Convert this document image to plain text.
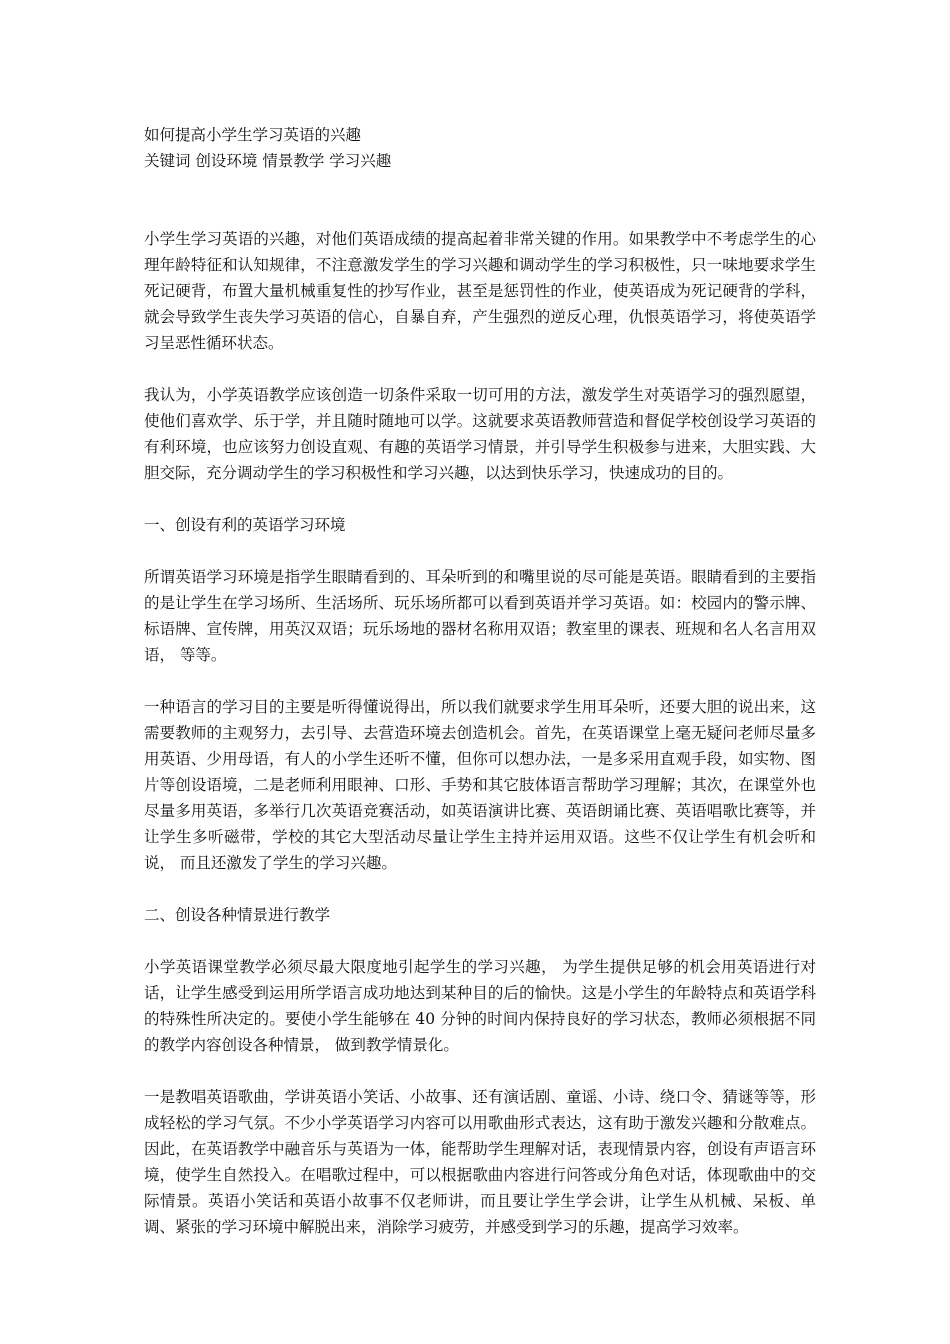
如何提高小学生学习英语的兴趣

关键词 创设环境 情景教学 学习兴趣

小学生学习英语的兴趣，对他们英语成绩的提高起着非常关键的作用。如果教学中不考虑学生的心理年龄特征和认知规律，不注意激发学生的学习兴趣和调动学生的学习积极性，只一味地要求学生死记硬背，布置大量机械重复性的抄写作业，甚至是惩罚性的作业，使英语成为死记硬背的学科，就会导致学生丧失学习英语的信心，自暴自弃，产生强烈的逆反心理，仇恨英语学习，将使英语学习呈恶性循环状态。

我认为，小学英语教学应该创造一切条件采取一切可用的方法，激发学生对英语学习的强烈愿望，使他们喜欢学、乐于学，并且随时随地可以学。这就要求英语教师营造和督促学校创设学习英语的有利环境，也应该努力创设直观、有趣的英语学习情景，并引导学生积极参与进来，大胆实践、大胆交际，充分调动学生的学习积极性和学习兴趣，以达到快乐学习，快速成功的目的。

一、创设有利的英语学习环境

所谓英语学习环境是指学生眼睛看到的、耳朵听到的和嘴里说的尽可能是英语。眼睛看到的主要指的是让学生在学习场所、生活场所、玩乐场所都可以看到英语并学习英语。如：校园内的警示牌、标语牌、宣传牌，用英汉双语；玩乐场地的器材名称用双语；教室里的课表、班规和名人名言用双语， 等等。

一种语言的学习目的主要是听得懂说得出，所以我们就要求学生用耳朵听，还要大胆的说出来，这需要教师的主观努力，去引导、去营造环境去创造机会。首先，在英语课堂上毫无疑问老师尽量多用英语、少用母语，有人的小学生还听不懂，但你可以想办法，一是多采用直观手段，如实物、图片等创设语境，二是老师利用眼神、口形、手势和其它肢体语言帮助学习理解；其次，在课堂外也尽量多用英语，多举行几次英语竞赛活动，如英语演讲比赛、英语朗诵比赛、英语唱歌比赛等，并让学生多听磁带，学校的其它大型活动尽量让学生主持并运用双语。这些不仅让学生有机会听和说， 而且还激发了学生的学习兴趣。

二、创设各种情景进行教学

小学英语课堂教学必须尽最大限度地引起学生的学习兴趣， 为学生提供足够的机会用英语进行对话，让学生感受到运用所学语言成功地达到某种目的后的愉快。这是小学生的年龄特点和英语学科的特殊性所决定的。要使小学生能够在 40 分钟的时间内保持良好的学习状态，教师必须根据不同的教学内容创设各种情景， 做到教学情景化。

一是教唱英语歌曲，学讲英语小笑话、小故事、还有演话剧、童谣、小诗、绕口令、猜谜等等，形成轻松的学习气氛。不少小学英语学习内容可以用歌曲形式表达，这有助于激发兴趣和分散难点。因此，在英语教学中融音乐与英语为一体，能帮助学生理解对话，表现情景内容，创设有声语言环境，使学生自然投入。在唱歌过程中，可以根据歌曲内容进行问答或分角色对话，体现歌曲中的交际情景。英语小笑话和英语小故事不仅老师讲，而且要让学生学会讲，让学生从机械、呆板、单调、紧张的学习环境中解脱出来，消除学习疲劳，并感受到学习的乐趣，提高学习效率。
